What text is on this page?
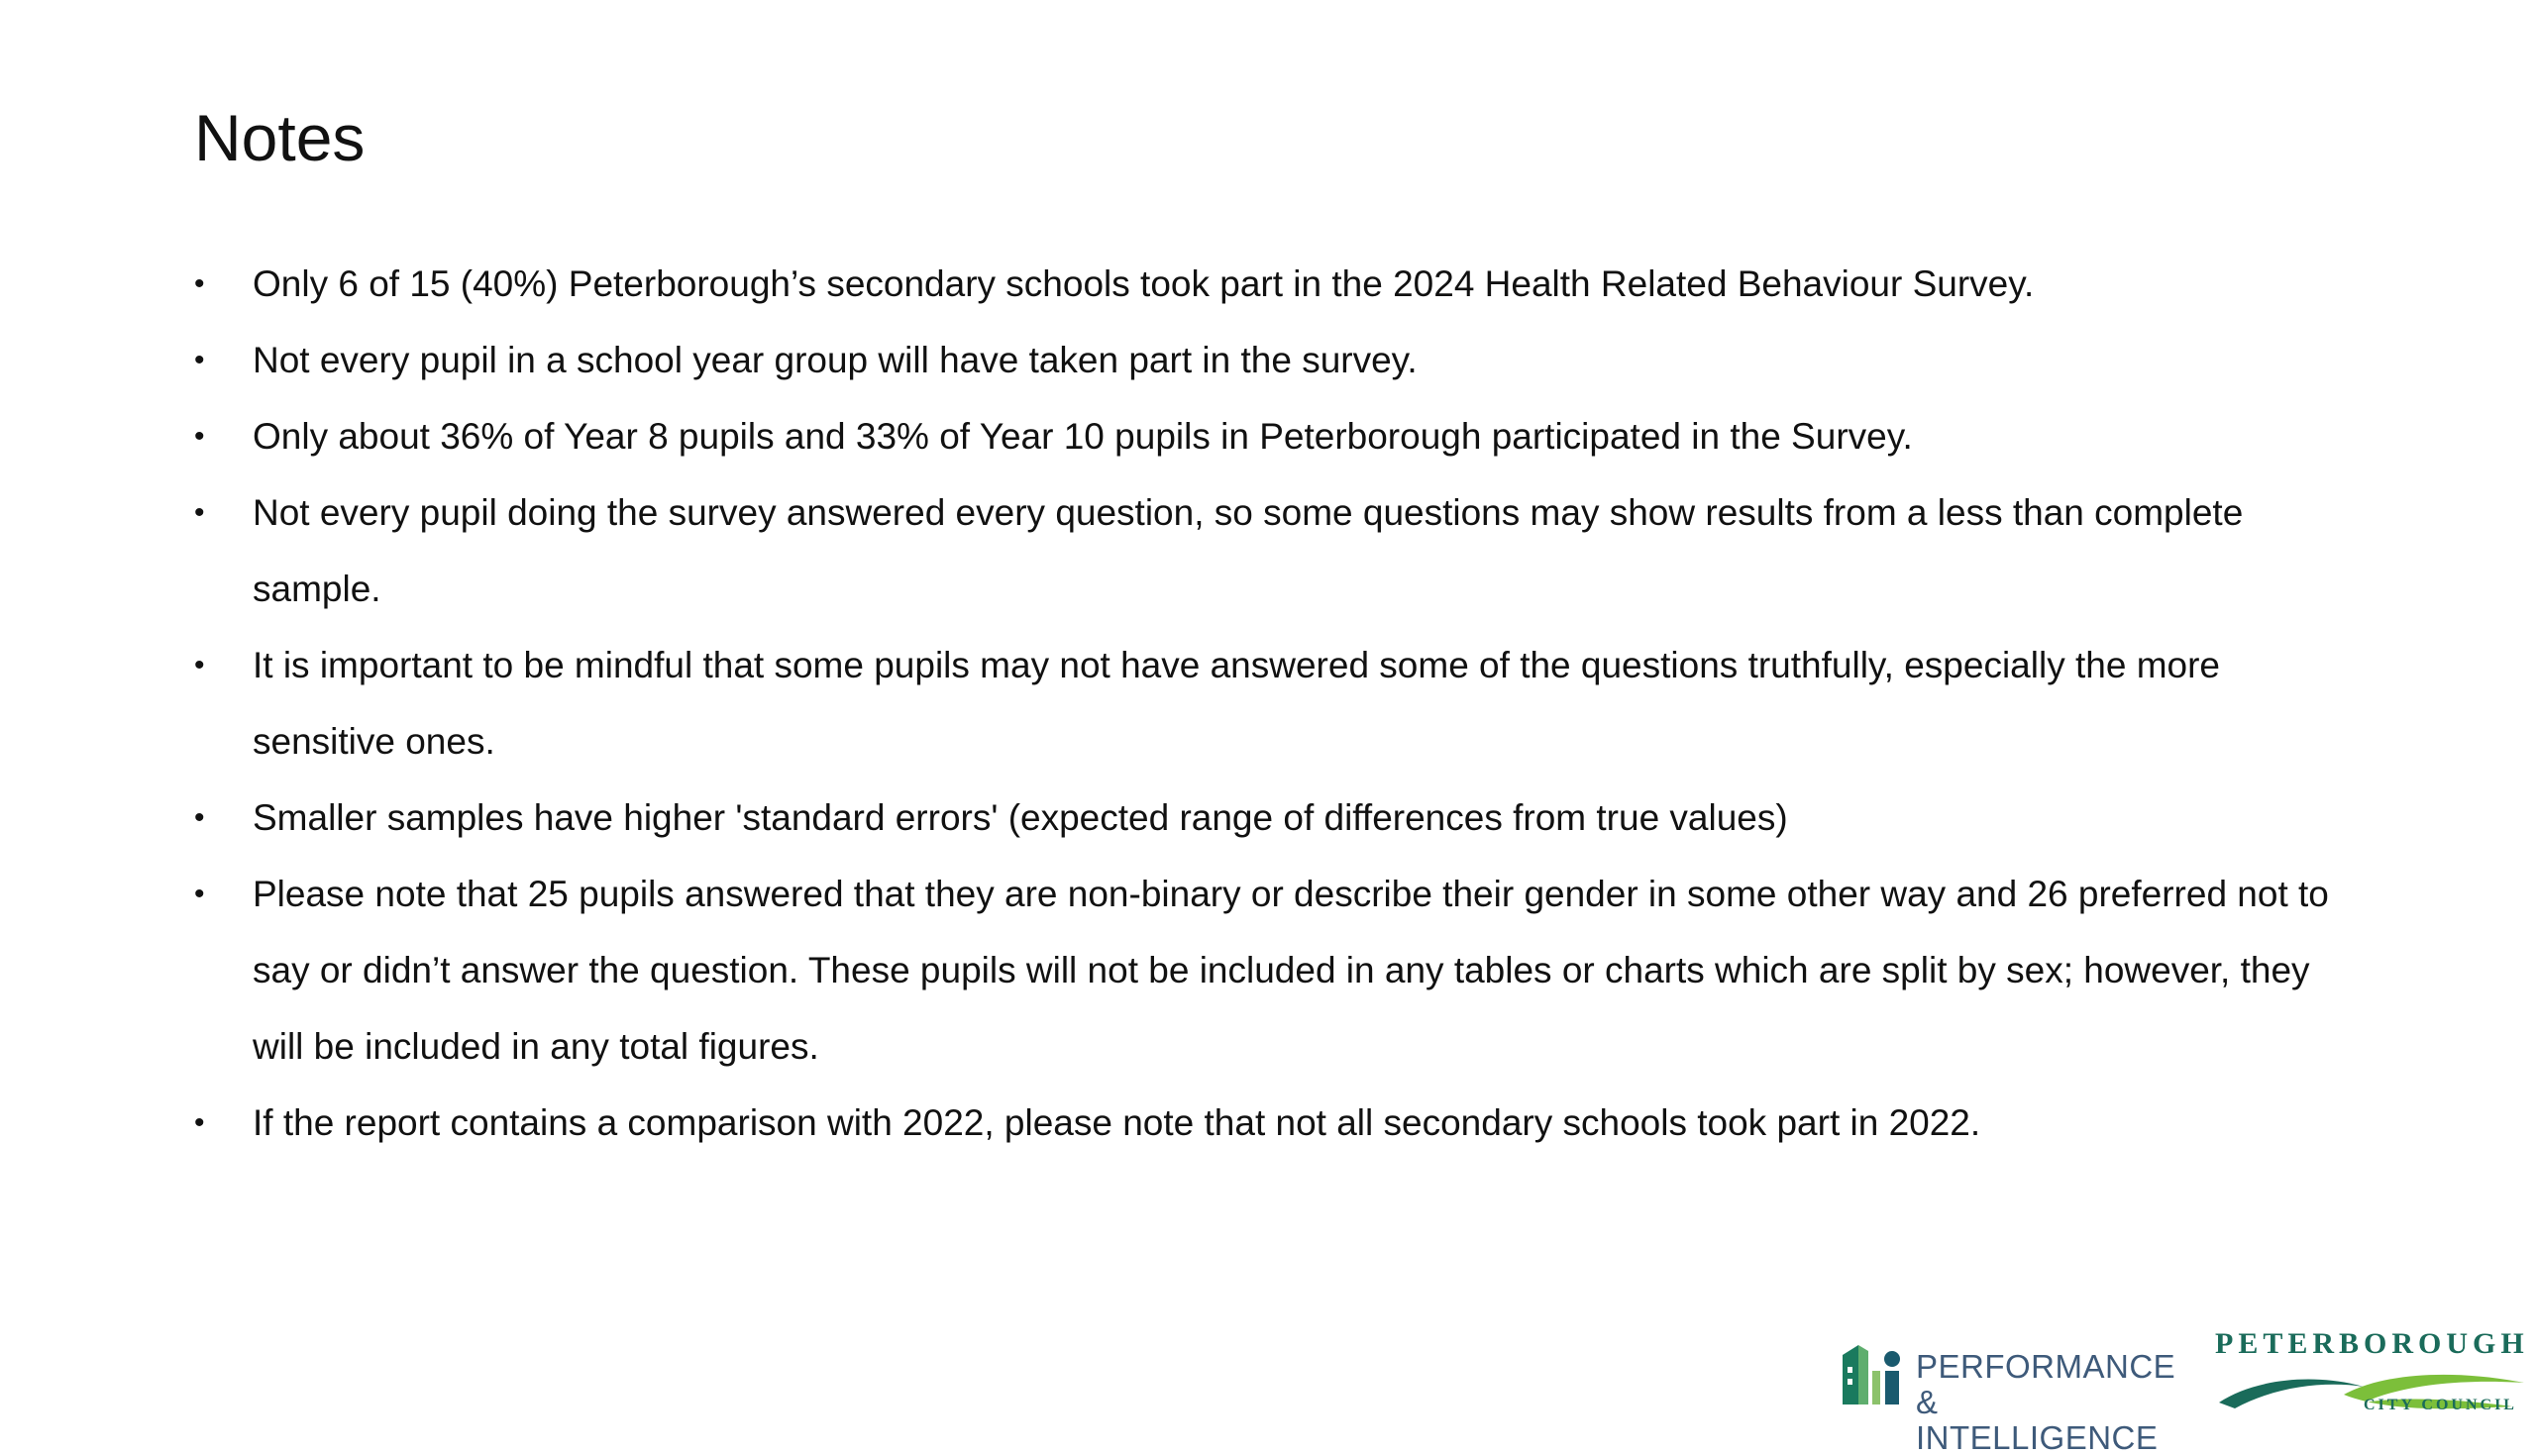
Notes
• Only 6 of 15 (40%) Peterborough’s secondary schools took part in the 2024 Health Related Behaviour Survey.
• Not every pupil in a school year group will have taken part in the survey.
• Only about 36% of Year 8 pupils and 33% of Year 10 pupils in Peterborough participated in the Survey.
• Not every pupil doing the survey answered every question, so some questions may show results from a less than complete sample.
• It is important to be mindful that some pupils may not have answered some of the questions truthfully, especially the more sensitive ones.
• Smaller samples have higher 'standard errors' (expected range of differences from true values)
• Please note that 25 pupils answered that they are non-binary or describe their gender in some other way and 26 preferred not to say or didn’t answer the question. These pupils will not be included in any tables or charts which are split by sex; however, they will be included in any total figures.
• If the report contains a comparison with 2022, please note that not all secondary schools took part in 2022.
PERFORMANCE &
INTELLIGENCE
PETERBOROUGH
CITY COUNCIL
